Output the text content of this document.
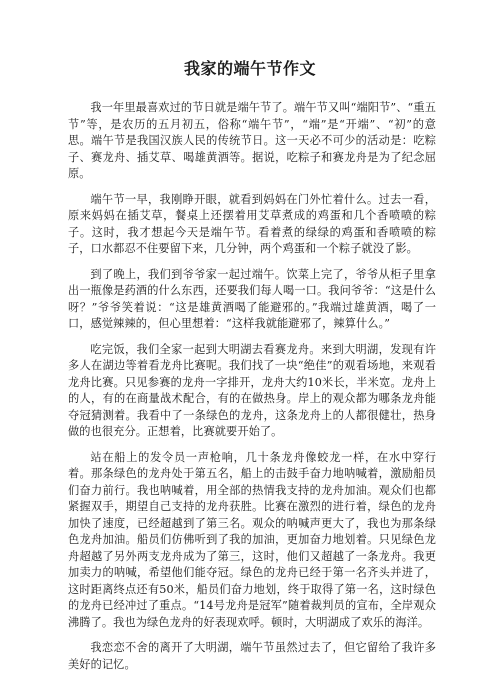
我家的端午节作文

我一年里最喜欢过的节日就是端午节了。端午节又叫“端阳节”、“重五节”等，是农历的五月初五，俗称“端午节”，“端”是“开端”、“初”的意思。端午节是我国汉族人民的传统节日。这一天必不可少的活动是：吃粽子、赛龙舟、插艾草、喝雄黄酒等。据说，吃粽子和赛龙舟是为了纪念屈原。

端午节一早，我刚睁开眼，就看到妈妈在门外忙着什么。过去一看，原来妈妈在插艾草，餐桌上还摆着用艾草煮成的鸡蛋和几个香喷喷的粽子。这时，我才想起今天是端午节。看着煮的绿绿的鸡蛋和香喷喷的粽子，口水都忍不住要留下来，几分钟，两个鸡蛋和一个粽子就没了影。

到了晚上，我们到爷爷家一起过端午。饮菜上完了，爷爷从柜子里拿出一瓶像是药酒的什么东西，还要我们每人喝一口。我问爷爷：“这是什么呀？”爷爷笑着说：“这是雄黄酒喝了能避邪的。”我端过雄黄酒，喝了一口，感觉辣辣的，但心里想着：“这样我就能避邪了，辣算什么。”

吃完饭，我们全家一起到大明湖去看赛龙舟。来到大明湖，发现有许多人在湖边等着看龙舟比赛呢。我们找了一块“绝佳”的观看场地，来观看龙舟比赛。只见参赛的龙舟一字排开，龙舟大约10米长，半米宽。龙舟上的人，有的在商量战术配合，有的在做热身。岸上的观众都为哪条龙舟能夺冠猜测着。我看中了一条绿色的龙舟，这条龙舟上的人都很健壮，热身做的也很充分。正想着，比赛就要开始了。

站在船上的发令员一声枪响，几十条龙舟像蛟龙一样，在水中穿行着。那条绿色的龙舟处于第五名，船上的击鼓手奋力地呐喊着，激励船员们奋力前行。我也呐喊着，用全部的热情我支持的龙舟加油。观众们也都紧握双手，期望自己支持的龙舟获胜。比赛在激烈的进行着，绿色的龙舟加快了速度，已经超越到了第三名。观众的呐喊声更大了，我也为那条绿色龙舟加油。船员们仿佛听到了我的加油，更加奋力地划着。只见绿色龙舟超越了另外两支龙舟成为了第三，这时，他们又超越了一条龙舟。我更加卖力的呐喊，希望他们能夺冠。绿色的龙舟已经于第一名齐头并进了，这时距离终点还有50米，船员们奋力地划，终于取得了第一名，这时绿色的龙舟已经冲过了重点。“14号龙舟是冠军”随着裁判员的宣布，全岸观众沸腾了。我也为绿色龙舟的好表现欢呼。顿时，大明湖成了欢乐的海洋。

我恋恋不舍的离开了大明湖，端午节虽然过去了，但它留给了我许多美好的记忆。
